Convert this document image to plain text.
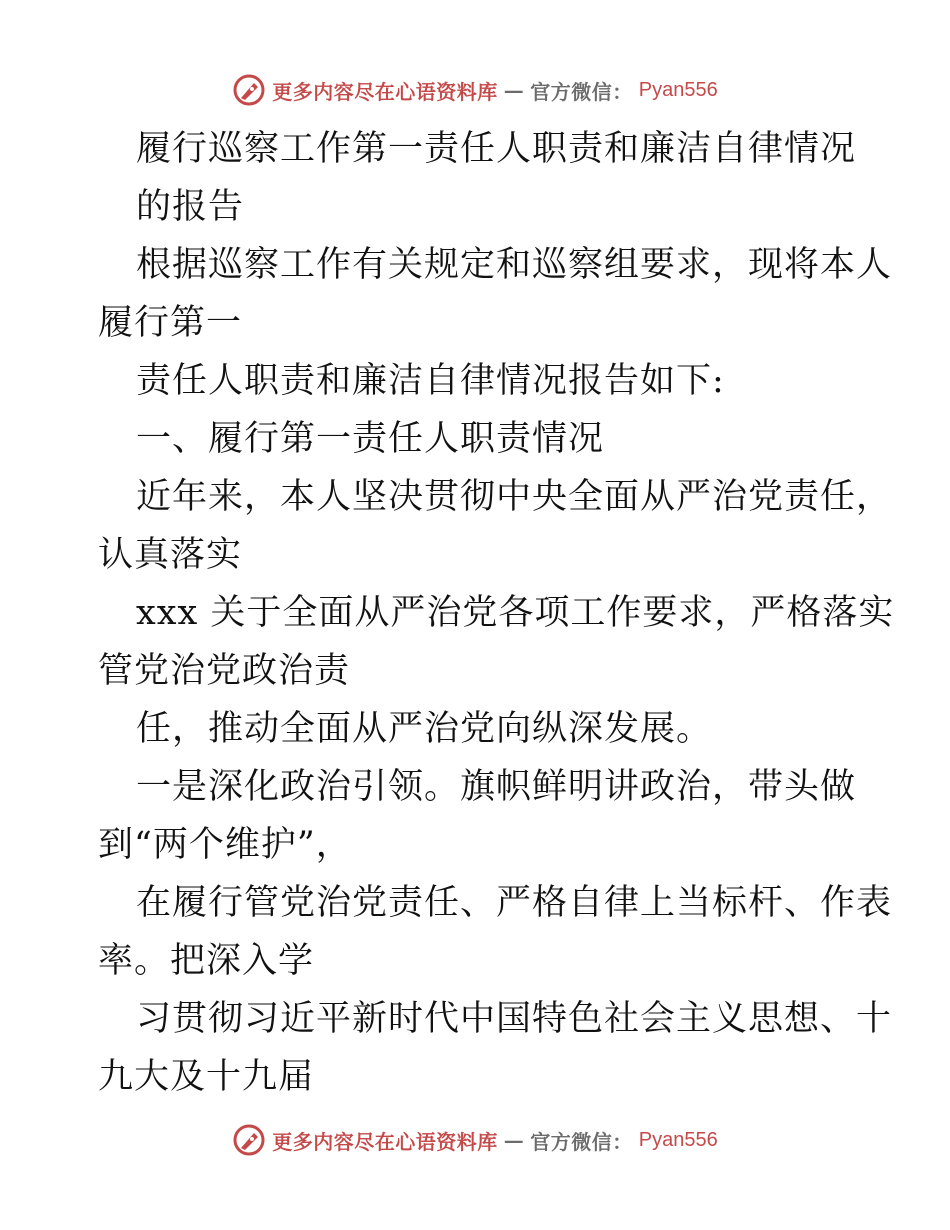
更多内容尽在心语资料库 — 官方微信： Pyan556
履行巡察工作第一责任人职责和廉洁自律情况
的报告
根据巡察工作有关规定和巡察组要求，现将本人
履行第一
责任人职责和廉洁自律情况报告如下:
一、履行第一责任人职责情况
近年来，本人坚决贯彻中央全面从严治党责任，
认真落实
xxx 关于全面从严治党各项工作要求，严格落实
管党治党政治责
任，推动全面从严治党向纵深发展。
一是深化政治引领。旗帜鲜明讲政治，带头做
到“两个维护”，
在履行管党治党责任、严格自律上当标杆、作表
率。把深入学
习贯彻习近平新时代中国特色社会主义思想、十
九大及十九届
更多内容尽在心语资料库 — 官方微信： Pyan556
